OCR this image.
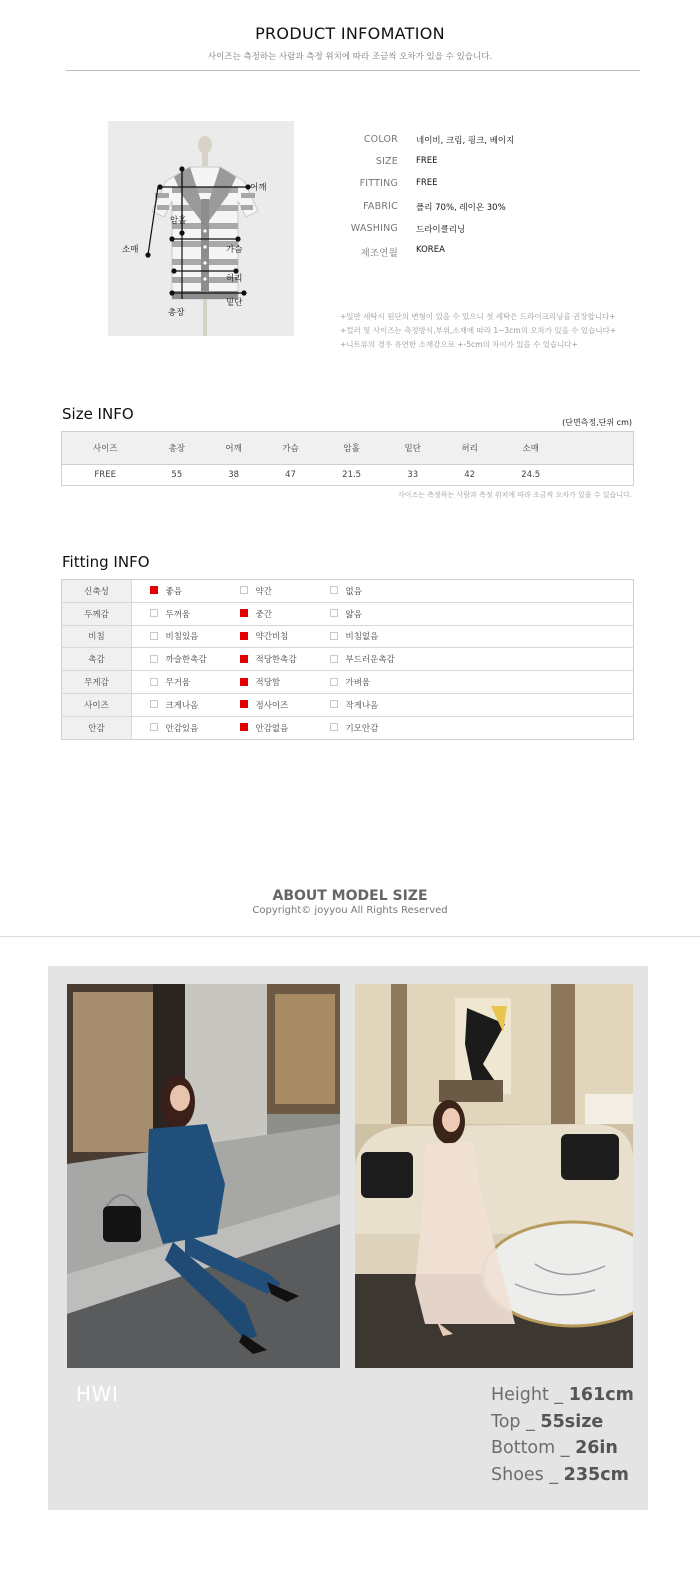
PRODUCT INFOMATION
사이즈는 측정하는 사람과 측정 위치에 따라 조금씩 오차가 있을 수 있습니다.
어깨
암홀
소매	가슴
허리
밑단
총장
COLOR 네이비, 크림, 핑크, 베이지
SIZE FREE
FITTING FREE
FABRIC 폴리 70%, 레이온 30%
WASHING 드라이클리닝
제조연월 KOREA

+일반 세탁시 원단의 변형이 있을 수 있으니 첫 세탁은 드라이크리닝을 권장합니다+

+컬러 및 사이즈는 측정방식,부위,소재에 따라 1~3cm의 오차가 있을 수 있습니다+

+니트류의 경우 유연한 소재감으로 +-5cm의 차이가 있을 수 있습니다+

Size INFO	(단면측정,단위 cm)
사이즈	총장	어깨	가슴	암홀	밑단	허리	소매	
FREE	55	38	47	21.5	33	42	24.5	
사이즈는 측정하는 사람과 측정 위치에 따라 조금씩 오차가 있을 수 있습니다.
Fitting INFO
신축성		좋음		약간		없음
두께감		두꺼움		중간		얇음
비침		비침있음		약간비침		비침없음
촉감		까슬한촉감		적당한촉감		부드러운촉감
무게감		무거움		적당함		가벼움
사이즈		크게나옴		정사이즈		작게나옴
안감		안감있음		안감없음		기모안감
ABOUT MODEL SIZE
Copyright© joyyou All Rights Reserved
HWI	Height _ 161cm
Top _ 55size
Bottom _ 26in
Shoes _ 235cm
